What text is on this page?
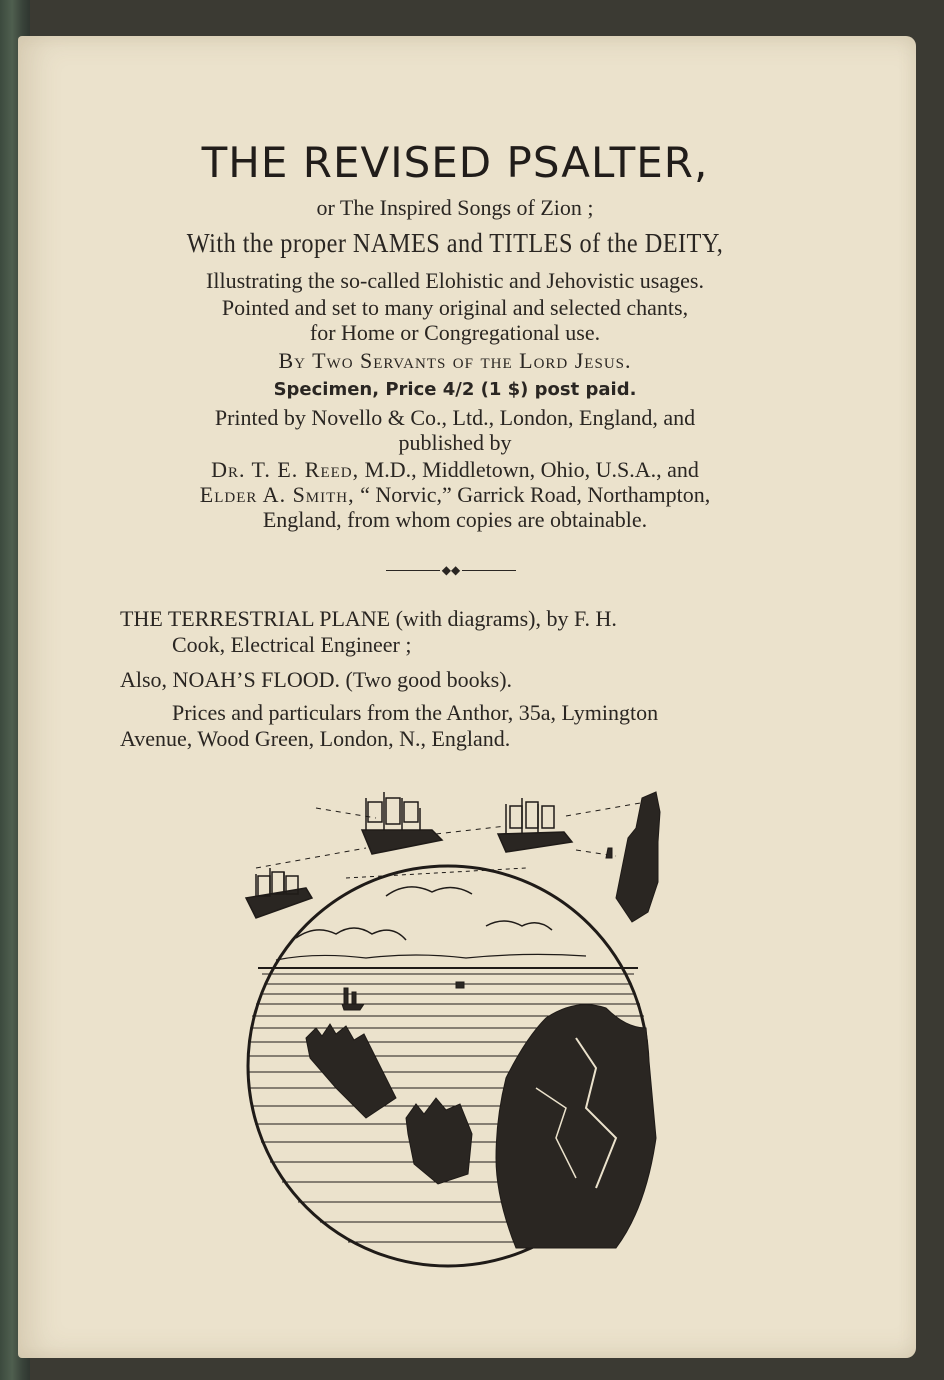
THE REVISED PSALTER,
or The Inspired Songs of Zion ;
With the proper NAMES and TITLES of the DEITY,
Illustrating the so-called Elohistic and Jehovistic usages.
Pointed and set to many original and selected chants,
for Home or Congregational use.
By Two Servants of the Lord Jesus.
Specimen, Price 4/2 (1 $) post paid.
Printed by Novello & Co., Ltd., London, England, and
published by
Dr. T. E. Reed, M.D., Middletown, Ohio, U.S.A., and
Elder A. Smith, “ Norvic,” Garrick Road, Northampton,
England, from whom copies are obtainable.
◆◆
THE TERRESTRIAL PLANE (with diagrams), by F. H.
Cook, Electrical Engineer ;
Also, NOAH’S FLOOD. (Two good books).
Prices and particulars from the Anthor, 35a, Lymington
Avenue, Wood Green, London, N., England.
